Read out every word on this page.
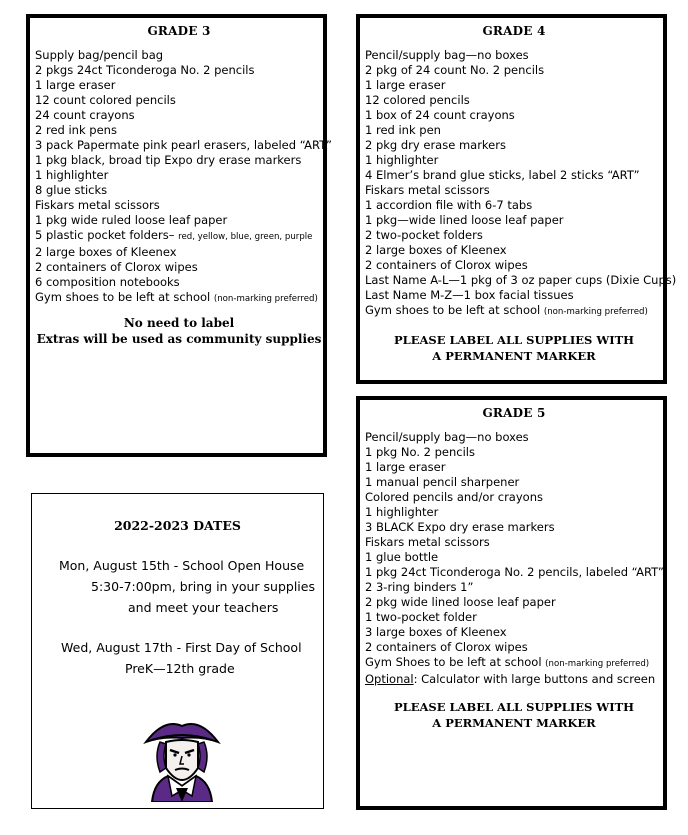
GRADE 3
Supply bag/pencil bag
2 pkgs 24ct Ticonderoga No. 2 pencils
1 large eraser
12 count colored pencils
24 count crayons
2 red ink pens
3 pack Papermate pink pearl erasers, labeled “ART”
1 pkg black, broad tip Expo dry erase markers
1 highlighter
8 glue sticks
Fiskars metal scissors
1 pkg wide ruled loose leaf paper
5 plastic pocket folders– red, yellow, blue, green, purple
2 large boxes of Kleenex
2 containers of Clorox wipes
6 composition notebooks
Gym shoes to be left at school (non-marking preferred)
No need to label
Extras will be used as community supplies
GRADE 4
Pencil/supply bag—no boxes
2 pkg of 24 count No. 2 pencils
1 large eraser
12 colored pencils
1 box of 24 count crayons
1 red ink pen
2 pkg dry erase markers
1 highlighter
4 Elmer’s brand glue sticks, label 2 sticks “ART”
Fiskars metal scissors
1 accordion file with 6-7 tabs
1 pkg—wide lined loose leaf paper
2 two-pocket folders
2 large boxes of Kleenex
2 containers of Clorox wipes
Last Name A-L—1 pkg of 3 oz paper cups (Dixie Cups)
Last Name M-Z—1 box facial tissues
Gym shoes to be left at school (non-marking preferred)
PLEASE LABEL ALL SUPPLIES WITH
A PERMANENT MARKER
GRADE 5
Pencil/supply bag—no boxes
1 pkg No. 2 pencils
1 large eraser
1 manual pencil sharpener
Colored pencils and/or crayons
1 highlighter
3 BLACK Expo dry erase markers
Fiskars metal scissors
1 glue bottle
1 pkg 24ct Ticonderoga No. 2 pencils, labeled “ART”
2 3-ring binders 1”
2 pkg wide lined loose leaf paper
1 two-pocket folder
3 large boxes of Kleenex
2 containers of Clorox wipes
Gym Shoes to be left at school (non-marking preferred)
Optional: Calculator with large buttons and screen
PLEASE LABEL ALL SUPPLIES WITH
A PERMANENT MARKER
2022-2023 DATES
Mon, August 15th - School Open House
5:30-7:00pm, bring in your supplies
and meet your teachers
Wed, August 17th - First Day of School
PreK—12th grade
